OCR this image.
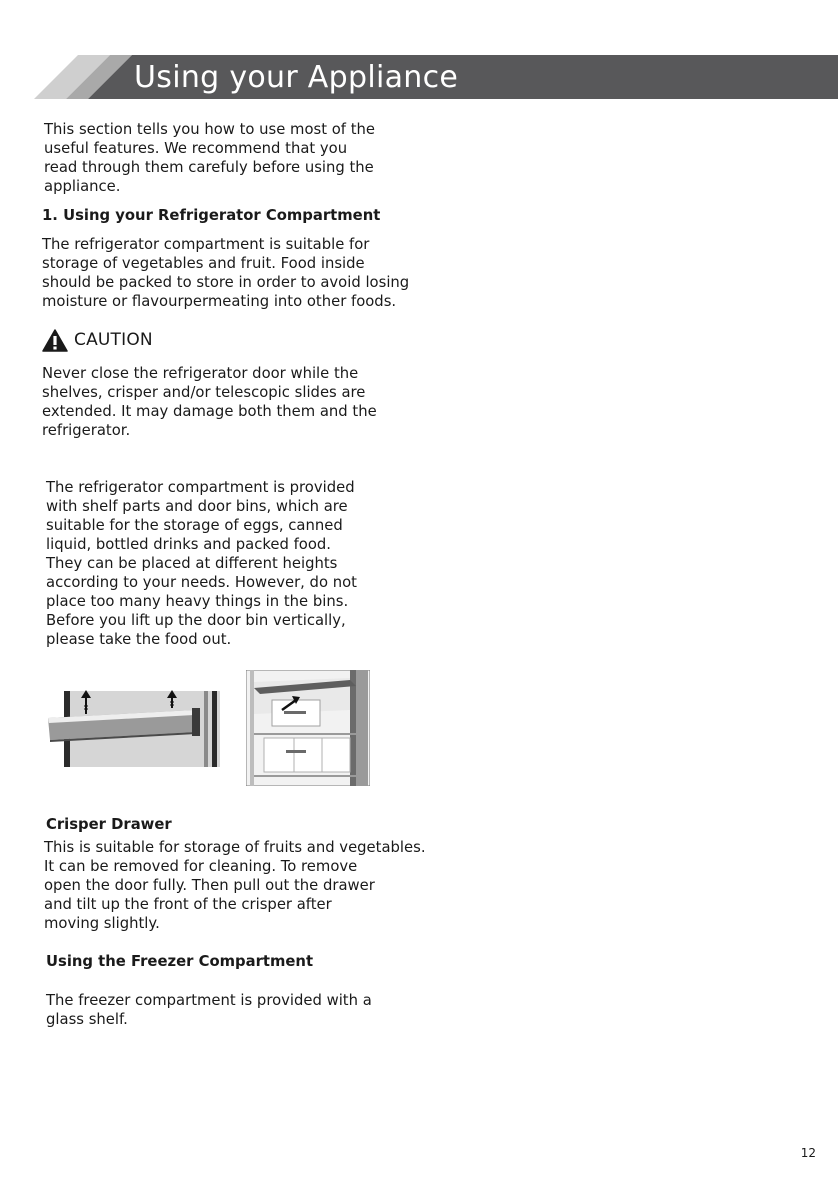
Using your Appliance

This section tells you how to use most of the
useful features. We recommend that you
read through them carefuly before using the
appliance.

1. Using your Refrigerator Compartment

The refrigerator compartment is suitable for
storage of vegetables and fruit. Food inside
should be packed to store in order to avoid losing
moisture or flavourpermeating into other foods.

CAUTION

Never close the refrigerator door while the
shelves, crisper and/or telescopic slides are
extended. It may damage both them and the
refrigerator.

The refrigerator compartment is provided
with shelf parts and door bins, which are
suitable for the storage of eggs, canned
liquid, bottled drinks and packed food.
They can be placed at different heights
according to your needs. However, do not
place too many heavy things in the bins.
Before you lift up the door bin vertically,
please take the food out.

Crisper Drawer

This is suitable for storage of fruits and vegetables.
It can be removed for cleaning. To remove
open the door fully. Then pull out the drawer
and tilt up the front of the crisper after
moving slightly.

Using the Freezer Compartment

The freezer compartment is provided with a
glass shelf.

12
